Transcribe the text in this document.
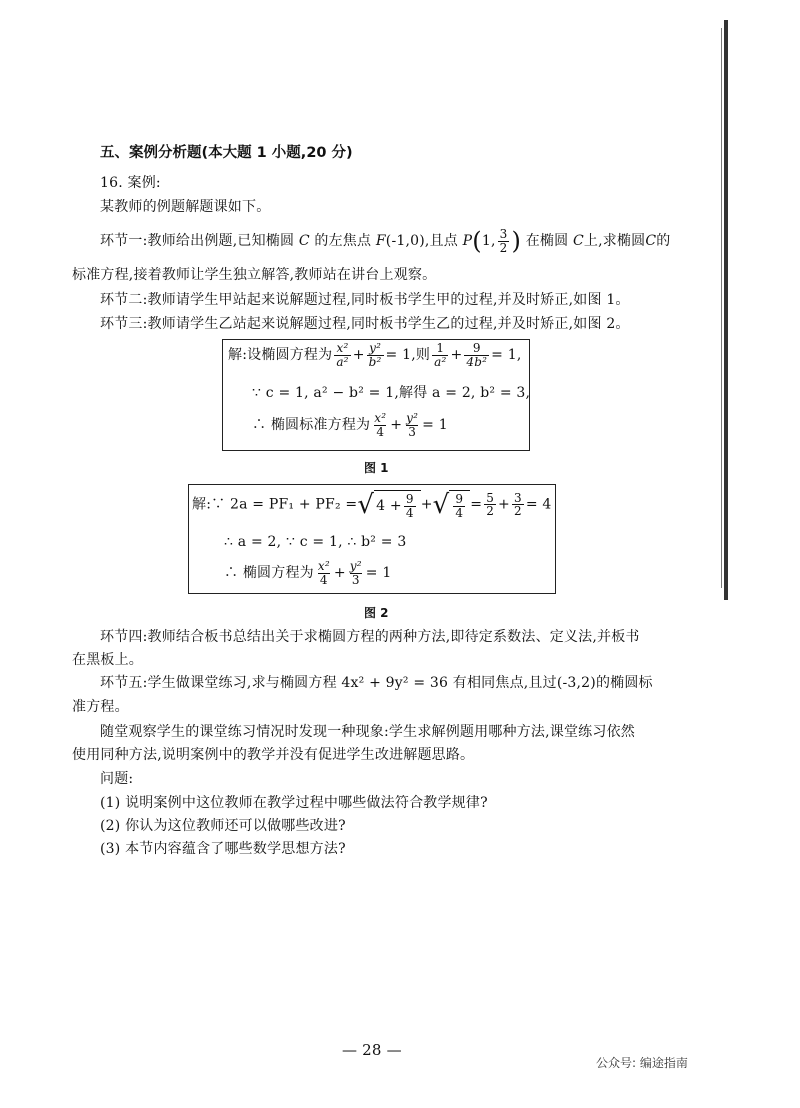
五、案例分析题(本大题 1 小题,20 分)
16. 案例:
某教师的例题解题课如下。
环节一:教师给出例题,已知椭圆 C 的左焦点 F(-1,0),且点 P(1, $\frac{3}{2}$ ) 在椭圆 C上,求椭圆C的
标准方程,接着教师让学生独立解答,教师站在讲台上观察。
环节二:教师请学生甲站起来说解题过程,同时板书学生甲的过程,并及时矫正,如图 1。
环节三:教师请学生乙站起来说解题过程,同时板书学生乙的过程,并及时矫正,如图 2。
解:设椭圆方程为 $\frac{\text{x²}}{\text{a²}} + \frac{\text{y²}}{\text{b²}} = 1$,则 $\frac{1}{\text{a²}} + \frac{9}{\text{4b²}} = 1$,
∵ c = 1, a² − b² = 1,解得 a = 2, b² = 3,
∴ 椭圆标准方程为 $\frac{\text{x²}}{4} + \frac{\text{y²}}{3} = 1$
图 1
解:∵ 2a = PF₁ + PF₂ = √ $4 + \frac{9}{4}$ + √ $\frac{9}{4} = \frac{5}{2} + \frac{3}{2} = 4$
∴ a = 2, ∵ c = 1, ∴ b² = 3
∴ 椭圆方程为 $\frac{\text{x²}}{4} + \frac{\text{y²}}{3} = 1$
图 2
环节四:教师结合板书总结出关于求椭圆方程的两种方法,即待定系数法、定义法,并板书
在黑板上。
环节五:学生做课堂练习,求与椭圆方程 4x² + 9y² = 36 有相同焦点,且过(-3,2)的椭圆标
准方程。
随堂观察学生的课堂练习情况时发现一种现象:学生求解例题用哪种方法,课堂练习依然
使用同种方法,说明案例中的教学并没有促进学生改进解题思路。
问题:
(1) 说明案例中这位教师在教学过程中哪些做法符合教学规律?
(2) 你认为这位教师还可以做哪些改进?
(3) 本节内容蕴含了哪些数学思想方法?
— 28 —
公众号: 编途指南
